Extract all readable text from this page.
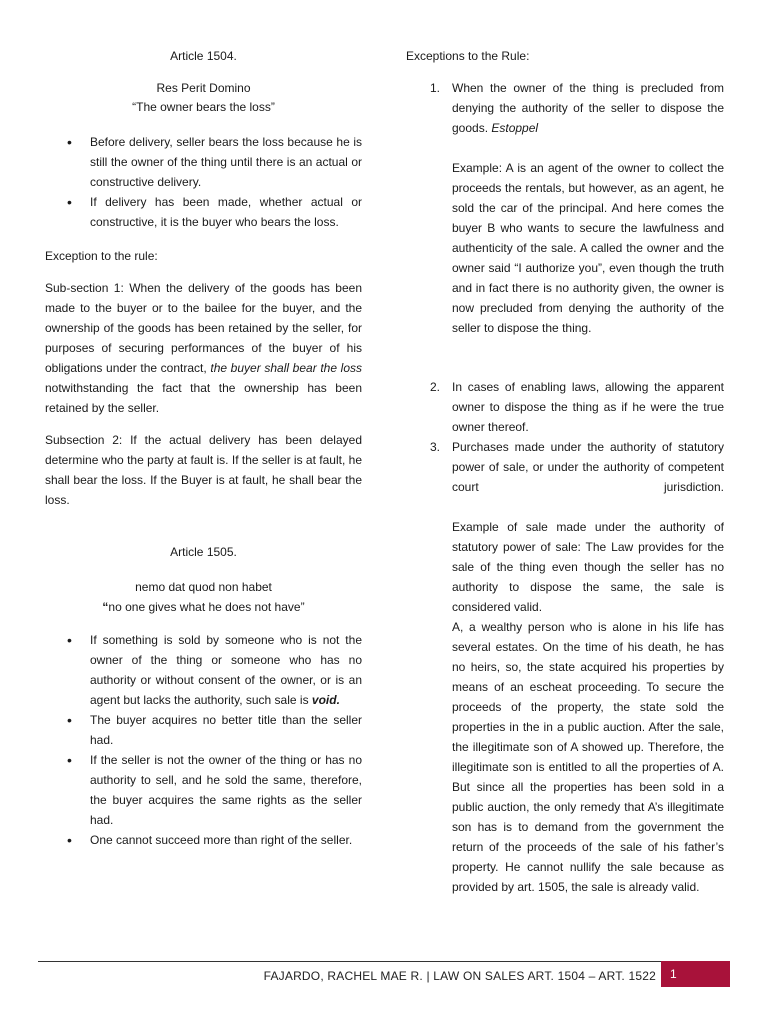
Article 1504.

Res Perit Domino

“The owner bears the loss”

• Before delivery, seller bears the loss because he is still the owner of the thing until there is an actual or constructive delivery.
• If delivery has been made, whether actual or constructive, it is the buyer who bears the loss.

Exception to the rule:

Sub-section 1: When the delivery of the goods has been made to the buyer or to the bailee for the buyer, and the ownership of the goods has been retained by the seller, for purposes of securing performances of the buyer of his obligations under the contract, the buyer shall bear the loss notwithstanding the fact that the ownership has been retained by the seller.

Subsection 2: If the actual delivery has been delayed determine who the party at fault is. If the seller is at fault, he shall bear the loss. If the Buyer is at fault, he shall bear the loss.

Article 1505.

nemo dat quod non habet

“no one gives what he does not have”

• If something is sold by someone who is not the owner of the thing or someone who has no authority or without consent of the owner, or is an agent but lacks the authority, such sale is void.
• The buyer acquires no better title than the seller had.
• If the seller is not the owner of the thing or has no authority to sell, and he sold the same, therefore, the buyer acquires the same rights as the seller had.
• One cannot succeed more than right of the seller.

Exceptions to the Rule:

1. When the owner of the thing is precluded from denying the authority of the seller to dispose the goods. Estoppel
Example: A is an agent of the owner to collect the proceeds the rentals, but however, as an agent, he sold the car of the principal. And here comes the buyer B who wants to secure the lawfulness and authenticity of the sale. A called the owner and the owner said “I authorize you”, even though the truth and in fact there is no authority given, the owner is now precluded from denying the authority of the seller to dispose the thing.
2. In cases of enabling laws, allowing the apparent owner to dispose the thing as if he were the true owner thereof.
3. Purchases made under the authority of statutory power of sale, or under the authority of competent court jurisdiction.
Example of sale made under the authority of statutory power of sale: The Law provides for the sale of the thing even though the seller has no authority to dispose the same, the sale is considered valid.
A, a wealthy person who is alone in his life has several estates. On the time of his death, he has no heirs, so, the state acquired his properties by means of an escheat proceeding. To secure the proceeds of the property, the state sold the properties in the in a public auction. After the sale, the illegitimate son of A showed up. Therefore, the illegitimate son is entitled to all the properties of A. But since all the properties has been sold in a public auction, the only remedy that A’s illegitimate son has is to demand from the government the return of the proceeds of the sale of his father’s property. He cannot nullify the sale because as provided by art. 1505, the sale is already valid.
FAJARDO, RACHEL MAE R. | LAW ON SALES ART. 1504 – ART. 1522 1
